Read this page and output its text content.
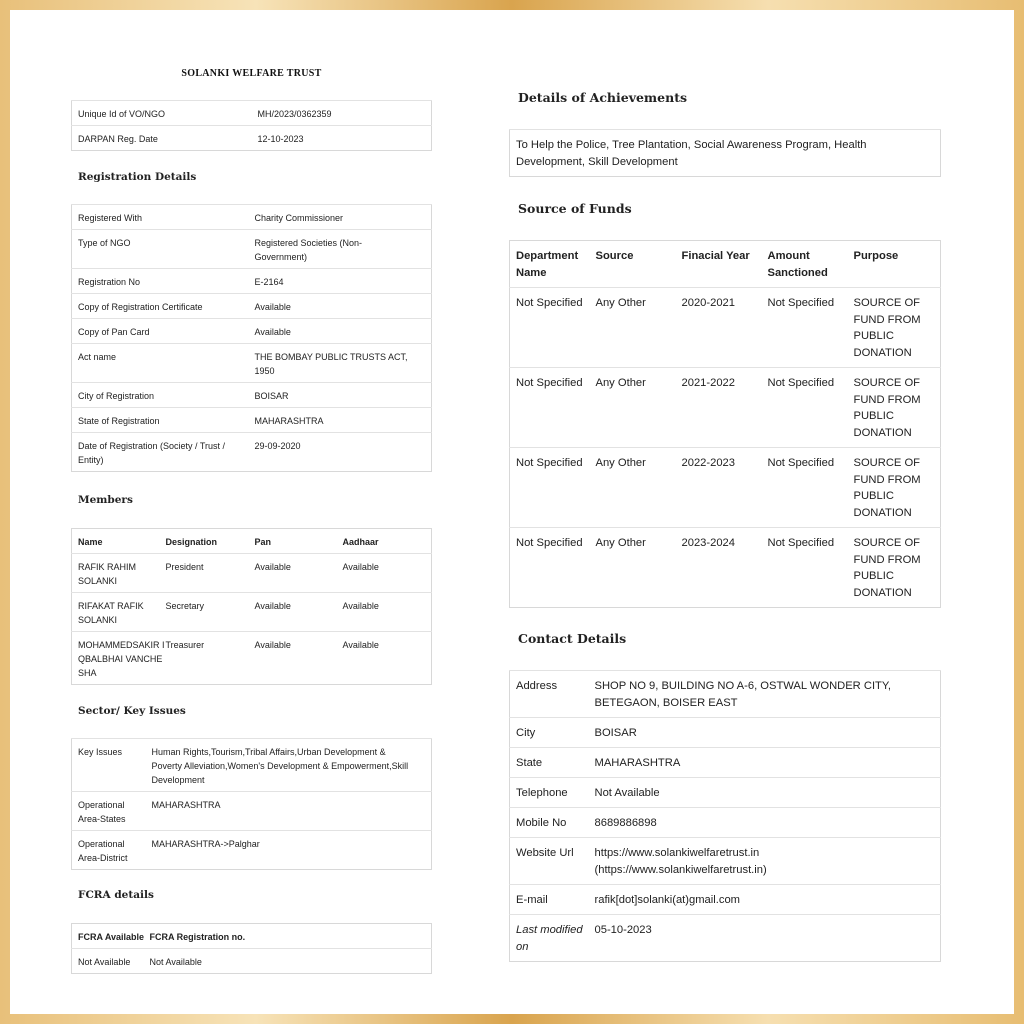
SOLANKI WELFARE TRUST
Unique Id of VO/NGO	MH/2023/0362359
DARPAN Reg. Date	12-10-2023
Registration Details
Registered With	Charity Commissioner
Type of NGO	Registered Societies (Non-Government)
Registration No	E-2164
Copy of Registration Certificate	Available
Copy of Pan Card	Available
Act name	THE BOMBAY PUBLIC TRUSTS ACT, 1950
City of Registration	BOISAR
State of Registration	MAHARASHTRA
Date of Registration (Society / Trust / Entity)	29-09-2020
Members
Name	Designation	Pan	Aadhaar
RAFIK RAHIM SOLANKI	President	Available	Available
RIFAKAT RAFIK SOLANKI	Secretary	Available	Available
MOHAMMEDSAKIR IQBALBHAI VANCHESHA	Treasurer	Available	Available
Sector/ Key Issues
Key Issues	Human Rights,Tourism,Tribal Affairs,Urban Development & Poverty Alleviation,Women's Development & Empowerment,Skill Development
Operational Area-States	MAHARASHTRA
Operational Area-District	MAHARASHTRA->Palghar
FCRA details
FCRA Available	FCRA Registration no.
Not Available	Not Available
Details of Achievements
To Help the Police, Tree Plantation, Social Awareness Program, Health Development, Skill Development
Source of Funds
Department Name	Source	Finacial Year	Amount Sanctioned	Purpose
Not Specified	Any Other	2020-2021	Not Specified	SOURCE OF FUND FROM PUBLIC DONATION
Not Specified	Any Other	2021-2022	Not Specified	SOURCE OF FUND FROM PUBLIC DONATION
Not Specified	Any Other	2022-2023	Not Specified	SOURCE OF FUND FROM PUBLIC DONATION
Not Specified	Any Other	2023-2024	Not Specified	SOURCE OF FUND FROM PUBLIC DONATION
Contact Details
Address	SHOP NO 9, BUILDING NO A-6, OSTWAL WONDER CITY, BETEGAON, BOISER EAST
City	BOISAR
State	MAHARASHTRA
Telephone	Not Available
Mobile No	8689886898
Website Url	https://www.solankiwelfaretrust.in (https://www.solankiwelfaretrust.in)
E-mail	rafik[dot]solanki(at)gmail.com
Last modified on	05-10-2023
